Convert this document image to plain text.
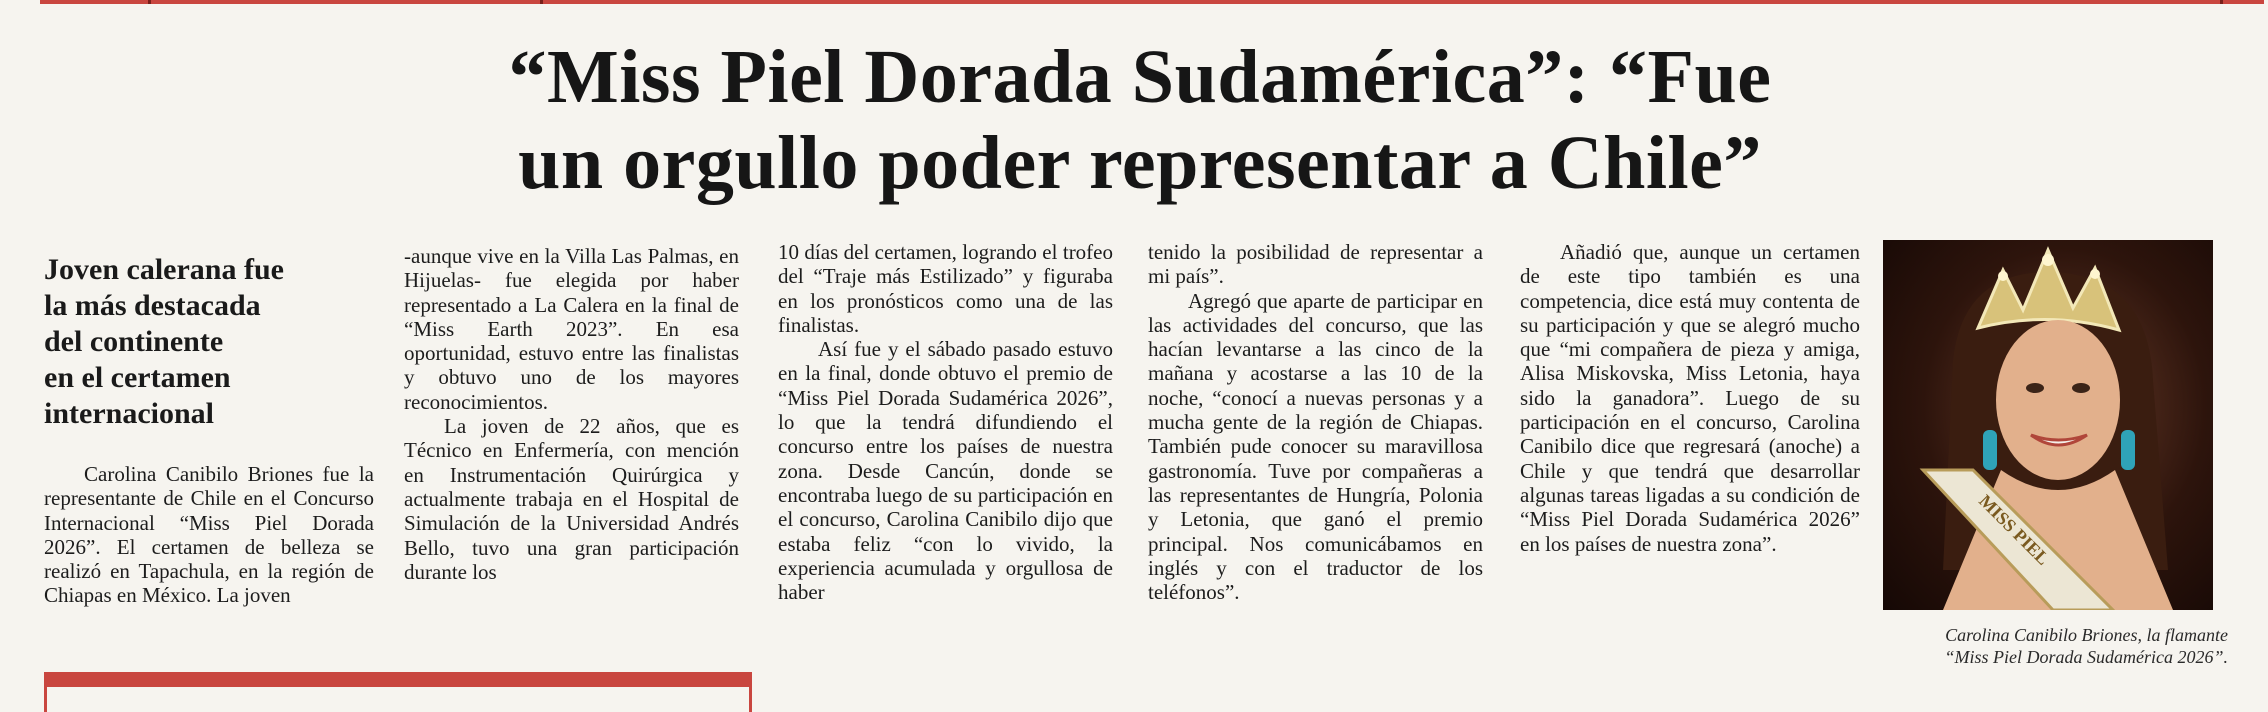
“Miss Piel Dorada Sudamérica”: “Fue
un orgullo poder representar a Chile”
Joven calerana fue
la más destacada
del continente
en el certamen
internacional

Carolina Canibilo Briones fue la representante de Chile en el Concurso Internacional “Miss Piel Dorada 2026”. El certamen de belleza se realizó en Tapachula, en la región de Chiapas en México. La joven

-aunque vive en la Villa Las Palmas, en Hijuelas- fue elegida por haber representado a La Calera en la final de “Miss Earth 2023”. En esa oportunidad, estuvo entre las finalistas y obtuvo uno de los mayores reconocimientos.

La joven de 22 años, que es Técnico en Enfermería, con mención en Instrumentación Quirúrgica y actualmente trabaja en el Hospital de Simulación de la Universidad Andrés Bello, tuvo una gran participación durante los

10 días del certamen, logrando el trofeo del “Traje más Estilizado” y figuraba en los pronósticos como una de las finalistas.

Así fue y el sábado pasado estuvo en la final, donde obtuvo el premio de “Miss Piel Dorada Sudamérica 2026”, lo que la tendrá difundiendo el concurso entre los países de nuestra zona. Desde Cancún, donde se encontraba luego de su participación en el concurso, Carolina Canibilo dijo que estaba feliz “con lo vivido, la experiencia acumulada y orgullosa de haber

tenido la posibilidad de representar a mi país”.

Agregó que aparte de participar en las actividades del concurso, que las hacían levantarse a las cinco de la mañana y acostarse a las 10 de la noche, “conocí a nuevas personas y a mucha gente de la región de Chiapas. También pude conocer su maravillosa gastronomía. Tuve por compañeras a las representantes de Hungría, Polonia y Letonia, que ganó el premio principal. Nos comunicábamos en inglés y con el traductor de los teléfonos”.

Añadió que, aunque un certamen de este tipo también es una competencia, dice está muy contenta de su participación y que se alegró mucho que “mi compañera de pieza y amiga, Alisa Miskovska, Miss Letonia, haya sido la ganadora”. Luego de su participación en el concurso, Carolina Canibilo dice que regresará (anoche) a Chile y que tendrá que desarrollar algunas tareas ligadas a su condición de “Miss Piel Dorada Sudamérica 2026” en los países de nuestra zona”.	MISS PIEL
Carolina Canibilo Briones, la flamante
“Miss Piel Dorada Sudamérica 2026”.
